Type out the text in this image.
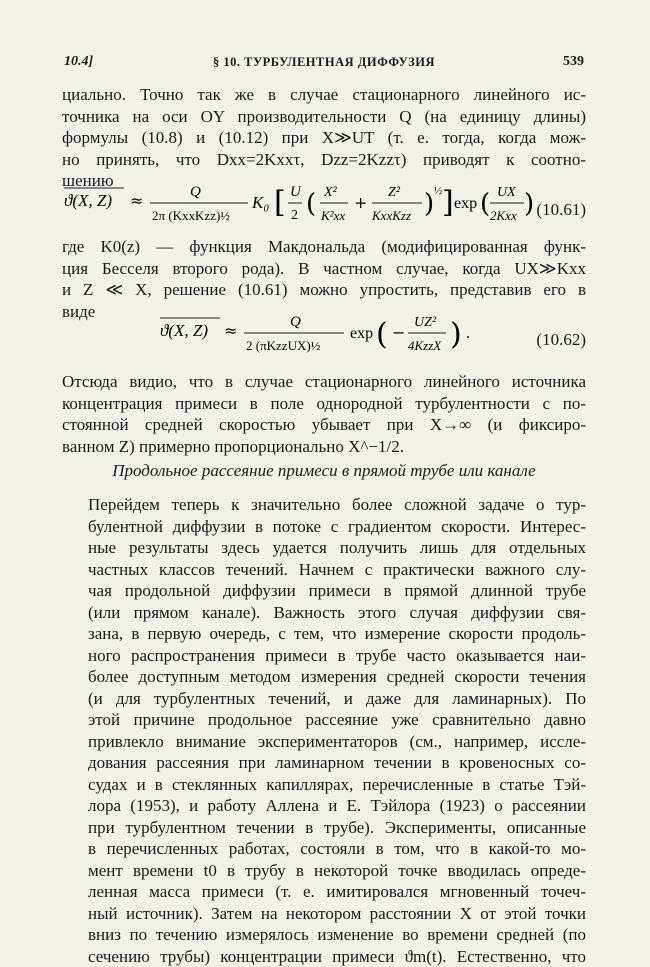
10.4]	§ 10. ТУРБУЛЕНТНАЯ ДИФФУЗИЯ	539
циально. Точно так же в случае стационарного линейного ис-
точника на оси OY производительности Q (на единицу длины)
формулы (10.8) и (10.12) при X≫UT (т. е. тогда, когда мож-
но принять, что Dxx=2Kxxτ, Dzz=2Kzzτ) приводят к соотно-
шению
ϑ(X, Z) ≈	Q
2π (KxxKzz)½
K₀ [ U
2 ( X²
K²xx
+
Z²
KxxKzz ) ½ ] exp ( UX
2Kxx ) (10.61)
где K0(z) — функция Макдональда (модифицированная функ-
ция Бесселя второго рода). В частном случае, когда UX≫Kxx
и Z ≪ X, решение (10.61) можно упростить, представив его в
виде
ϑ(X, Z) ≈	Q
2 (πKzzUX)½
exp ( −
UZ²
4KzzX ) .	(10.62)
Отсюда видио, что в случае стационарного линейного источника
концентрация примеси в поле однородной турбулентности с по-
стоянной средней скоростью убывает при X→∞ (и фиксиро-
ванном Z) примерно пропорционально X^−1/2.
Продольное рассеяние примеси в прямой трубе или канале
Перейдем теперь к значительно более сложной задаче о тур-
булентной диффузии в потоке с градиентом скорости. Интерес-
ные результаты здесь удается получить лишь для отдельных
частных классов течений. Начнем с практически важного слу-
чая продольной диффузии примеси в прямой длинной трубе
(или прямом канале). Важность этого случая диффузии свя-
зана, в первую очередь, с тем, что измерение скорости продоль-
ного распространения примеси в трубе часто оказывается наи-
более доступным методом измерения средней скорости течения
(и для турбулентных течений, и даже для ламинарных). По
этой причине продольное рассеяние уже сравнительно давно
привлекло внимание экспериментаторов (см., например, иссле-
дования рассеяния при ламинарном течении в кровеносных со-
судах и в стеклянных капиллярах, перечисленные в статье Тэй-
лора (1953), и работу Аллена и Е. Тэйлора (1923) о рассеянии
при турбулентном течении в трубе). Эксперименты, описанные
в перечисленных работах, состояли в том, что в какой-то мо-
мент времени t0 в трубу в некоторой точке вводилась опреде-
ленная масса примеси (т. е. имитировался мгновенный точеч-
ный источник). Затем на некотором расстоянии X от этой точки
вниз по течению измерялось изменение во времени средней (по
сечению трубы) концентрации примеси ϑm(t). Естественно, что
